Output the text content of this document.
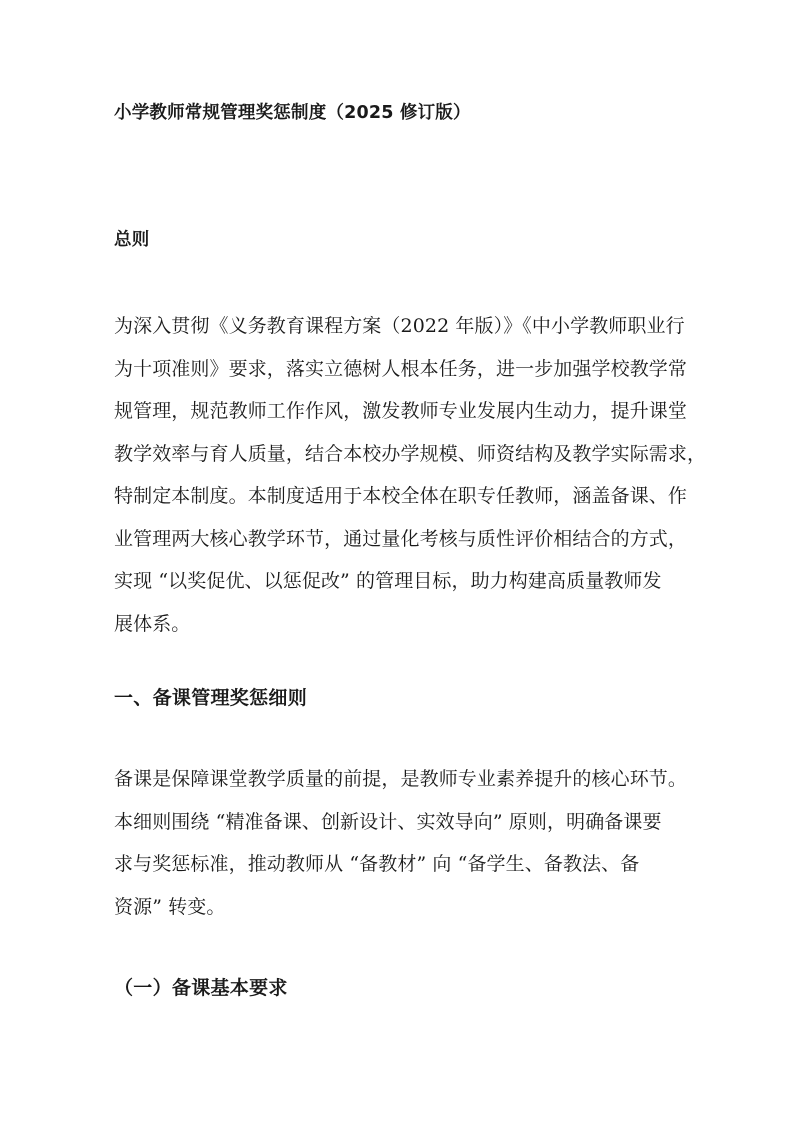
小学教师常规管理奖惩制度（2025 修订版）
总则
为深入贯彻《义务教育课程方案（2022 年版）》《中小学教师职业行
为十项准则》要求，落实立德树人根本任务，进一步加强学校教学常
规管理，规范教师工作作风，激发教师专业发展内生动力，提升课堂
教学效率与育人质量，结合本校办学规模、师资结构及教学实际需求，
特制定本制度。本制度适用于本校全体在职专任教师，涵盖备课、作
业管理两大核心教学环节，通过量化考核与质性评价相结合的方式，
实现 “以奖促优、以惩促改” 的管理目标，助力构建高质量教师发
展体系。
一、备课管理奖惩细则
备课是保障课堂教学质量的前提，是教师专业素养提升的核心环节。
本细则围绕 “精准备课、创新设计、实效导向” 原则，明确备课要
求与奖惩标准，推动教师从 “备教材” 向 “备学生、备教法、备
资源” 转变。
（一）备课基本要求
